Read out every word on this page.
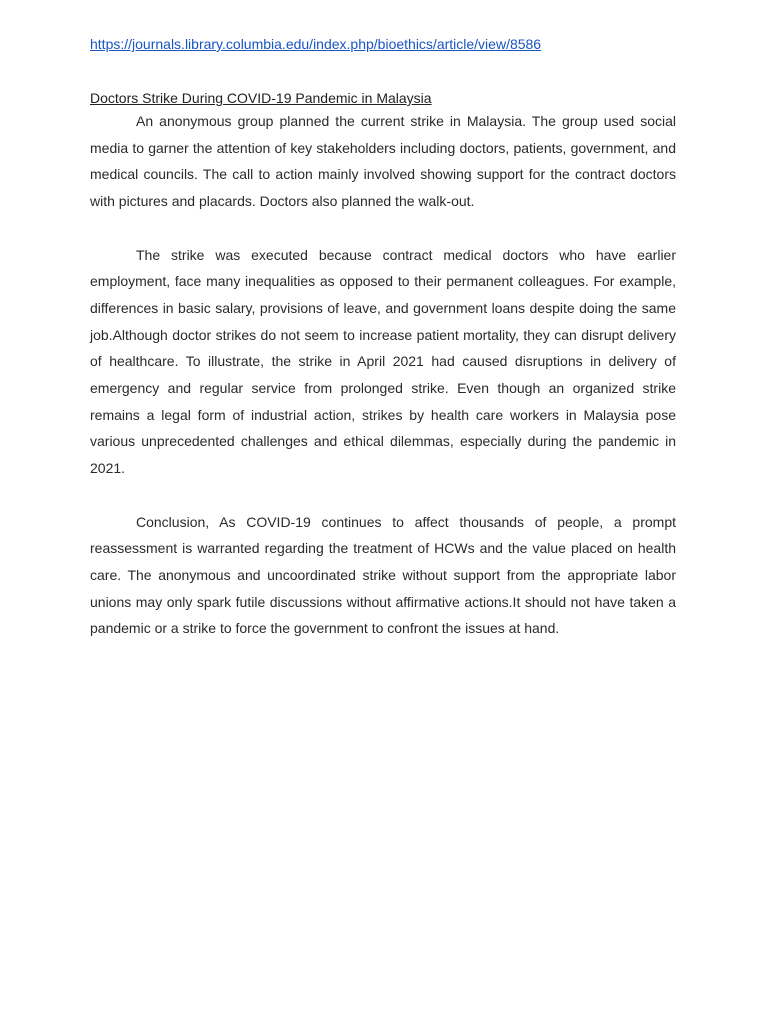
https://journals.library.columbia.edu/index.php/bioethics/article/view/8586
Doctors Strike During COVID-19 Pandemic in Malaysia

An anonymous group planned the current strike in Malaysia. The group used social media to garner the attention of key stakeholders including doctors, patients, government, and medical councils. The call to action mainly involved showing support for the contract doctors with pictures and placards. Doctors also planned the walk-out.

The strike was executed because contract medical doctors who have earlier employment, face many inequalities as opposed to their permanent colleagues. For example, differences in basic salary, provisions of leave, and government loans despite doing the same job.Although doctor strikes do not seem to increase patient mortality, they can disrupt delivery of healthcare. To illustrate, the strike in April 2021 had caused disruptions in delivery of emergency and regular service from prolonged strike. Even though an organized strike remains a legal form of industrial action, strikes by health care workers in Malaysia pose various unprecedented challenges and ethical dilemmas, especially during the pandemic in 2021.

Conclusion, As COVID-19 continues to affect thousands of people, a prompt reassessment is warranted regarding the treatment of HCWs and the value placed on health care. The anonymous and uncoordinated strike without support from the appropriate labor unions may only spark futile discussions without affirmative actions.It should not have taken a pandemic or a strike to force the government to confront the issues at hand.
